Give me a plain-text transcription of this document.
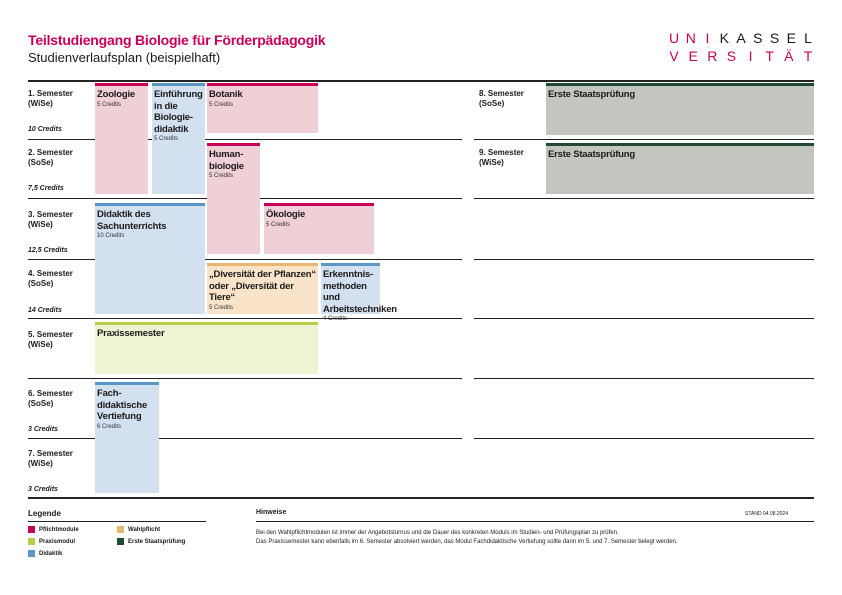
Teilstudiengang Biologie für Förderpädagogik
Studienverlaufsplan (beispielhaft)
U N I K A S S E L
V E R S I T Ä T
1. Semester
(WiSe)
10 Credits
2. Semester
(SoSe)
7,5 Credits
3. Semester
(WiSe)
12,5 Credits
4. Semester
(SoSe)
14 Credits
5. Semester
(WiSe)
6. Semester
(SoSe)
3 Credits
7. Semester
(WiSe)
3 Credits
8. Semester
(SoSe)
9. Semester
(WiSe)
Zoologie
5 Credits
Einführung in die Biologie-didaktik
5 Credits
Botanik
5 Credits
Human-biologie
5 Credits
Didaktik des Sachunterrichts
10 Credits
Ökologie
5 Credits
„Diversität der Pflanzen“ oder „Diversität der Tiere“
5 Credits
Erkenntnis-methoden und Arbeitstechniken
4 Credits
Praxissemester
Fach-didaktische Vertiefung
6 Credits
Erste Staatsprüfung
Erste Staatsprüfung
Legende
Pflichtmodule	Wahlpflicht
Praxismodul	Erste Staatsprüfung
Didaktik
Hinweise	STAND 04.08.2024
Bei den Wahlpflichtmodulen ist immer der Angebotsturnus und die Dauer des konkreten Moduls im Studien- und Prüfungsplan zu prüfen.
Das Praxissemester kann ebenfalls im 6. Semester absolviert werden, das Modul Fachdidaktische Vertiefung sollte dann im 5. und 7. Semester belegt werden.
